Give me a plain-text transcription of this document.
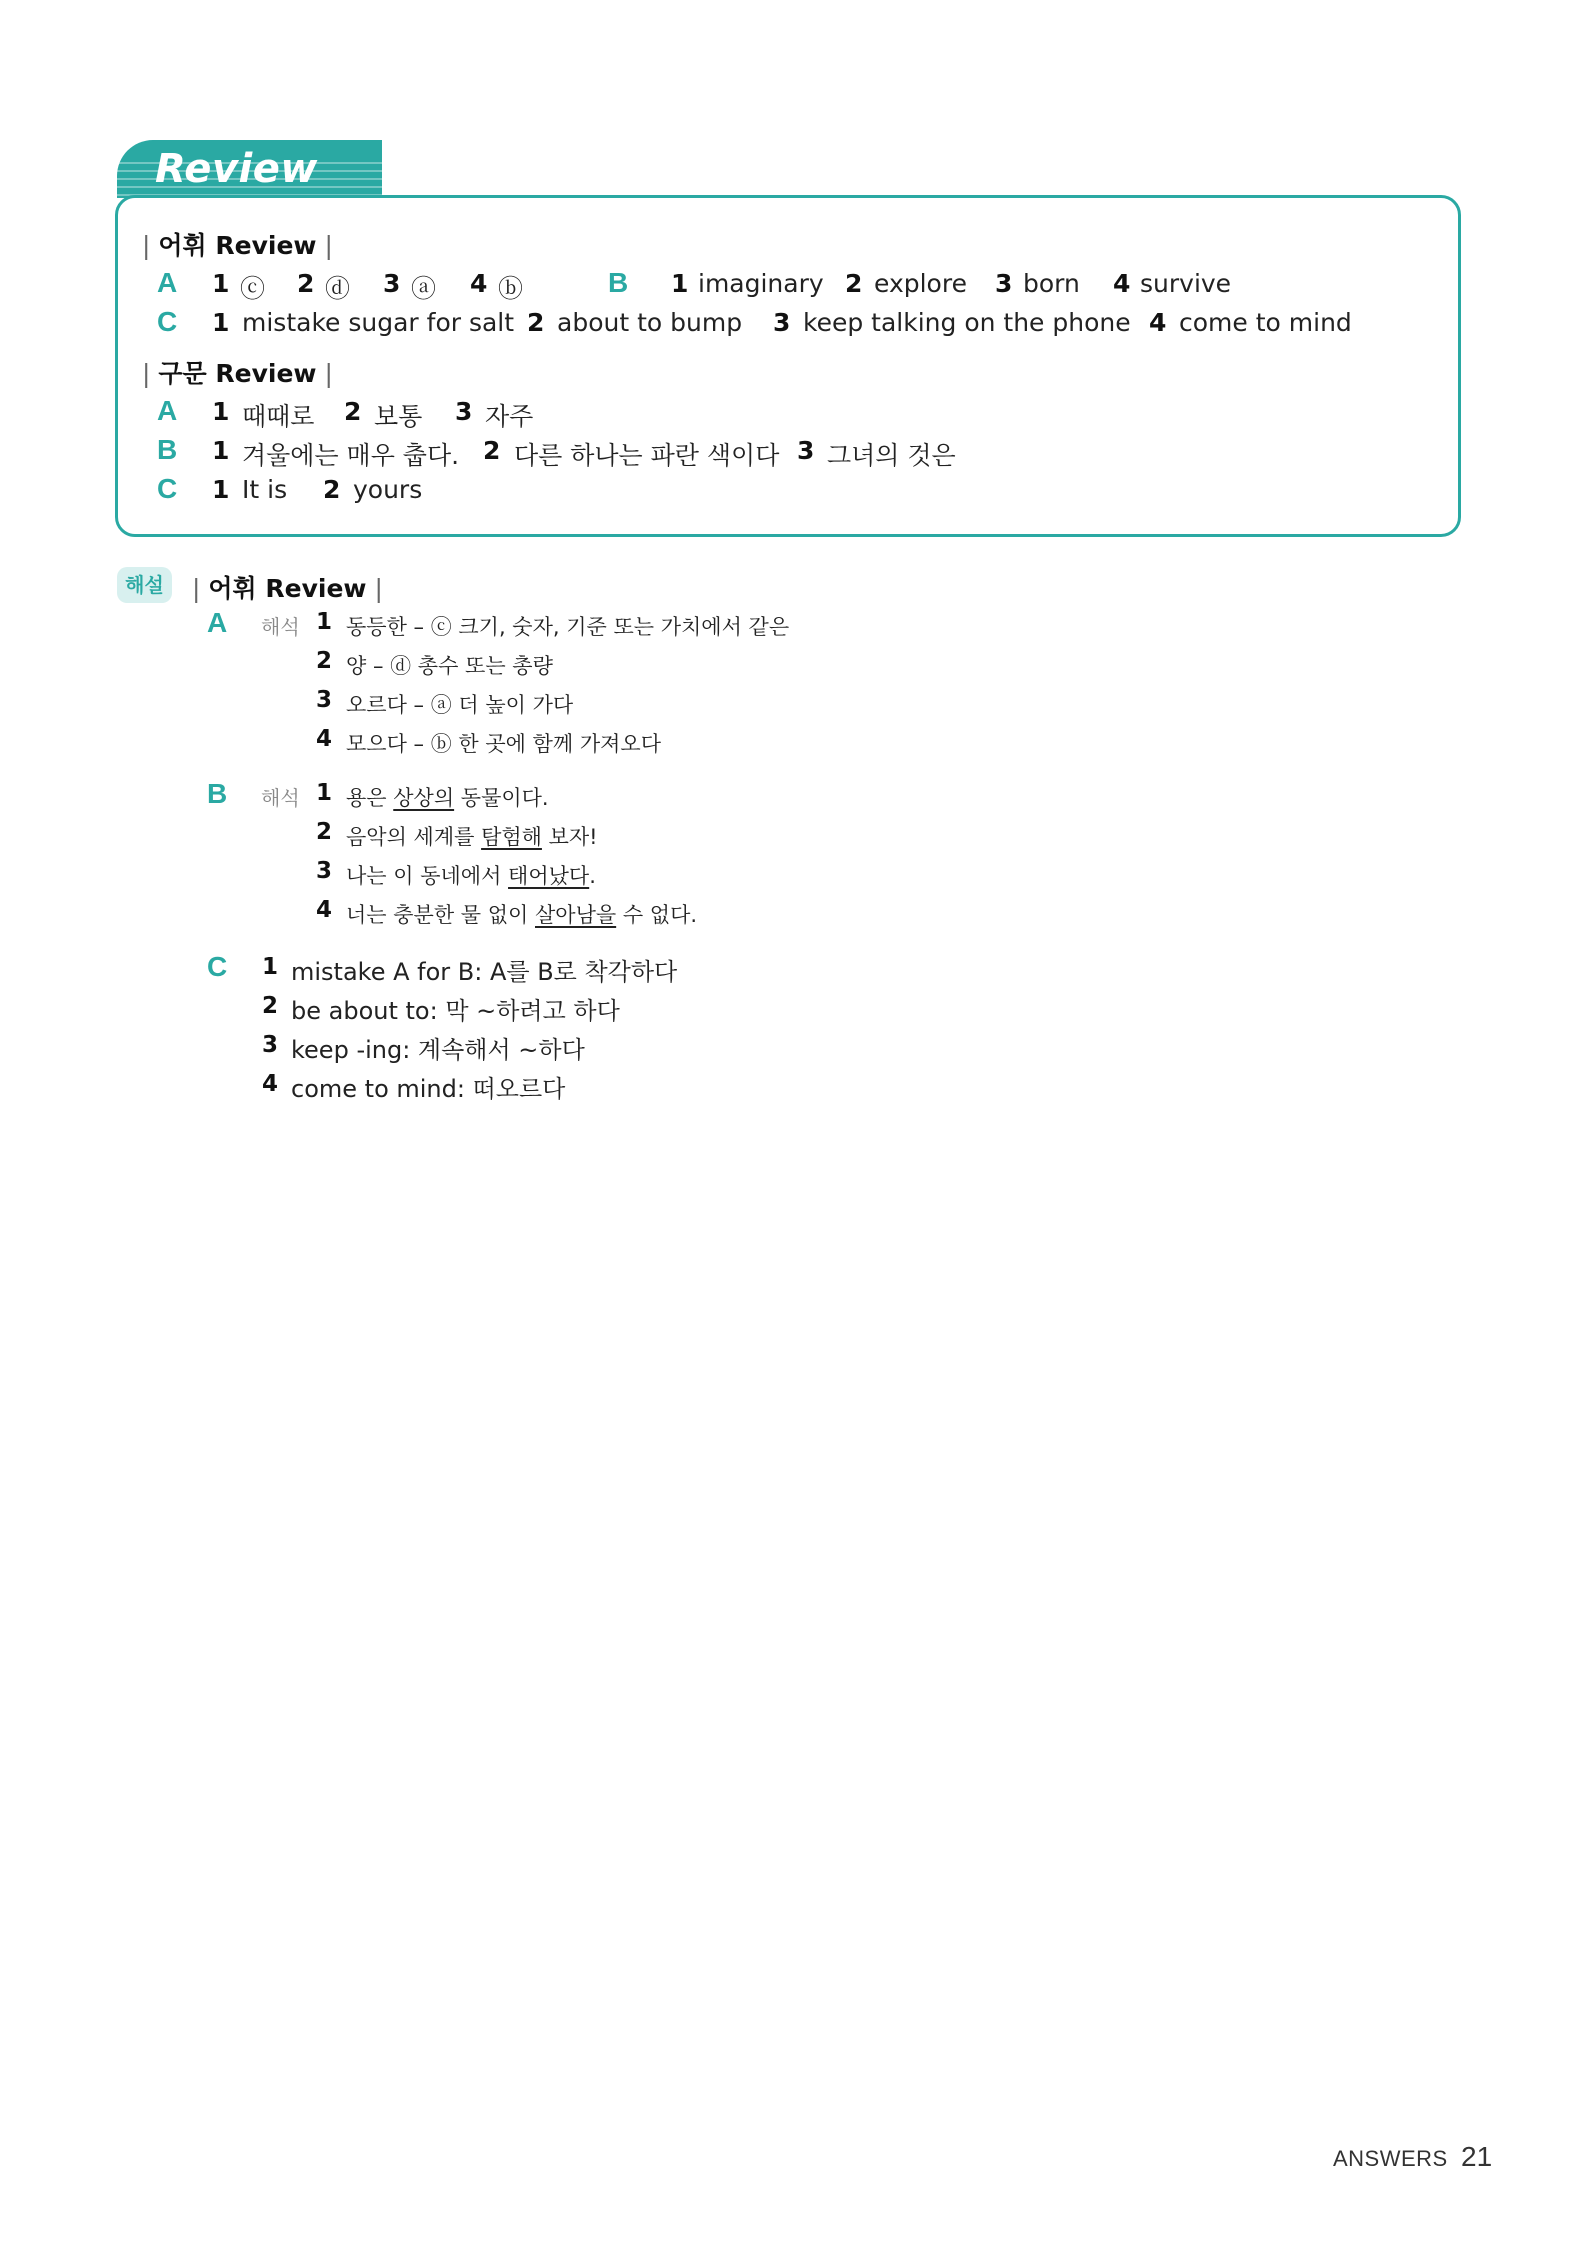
Review Test
| 어휘 Review |
A 1 ⓒ 2 ⓓ 3 ⓐ 4 ⓑ	B 1 imaginary 2 explore 3 born 4 survive
C 1 mistake sugar for salt 2 about to bump 3 keep talking on the phone 4 come to mind
| 구문 Review |
A 1 때때로 2 보통 3 자주
B 1 겨울에는 매우 춥다. 2 다른 하나는 파란 색이다 3 그녀의 것은
C 1 It is 2 yours
해설	| 어휘 Review |
A 해석 1 동등한 – ⓒ 크기, 숫자, 기준 또는 가치에서 같은
2 양 – ⓓ 총수 또는 총량
3 오르다 – ⓐ 더 높이 가다
4 모으다 – ⓑ 한 곳에 함께 가져오다
B 해석 1 용은 상상의 동물이다.
2 음악의 세계를 탐험해 보자!
3 나는 이 동네에서 태어났다.
4 너는 충분한 물 없이 살아남을 수 없다.
C 1 mistake A for B: A를 B로 착각하다
2 be about to: 막 ~하려고 하다
3 keep -ing: 계속해서 ~하다
4 come to mind: 떠오르다
ANSWERS 21
